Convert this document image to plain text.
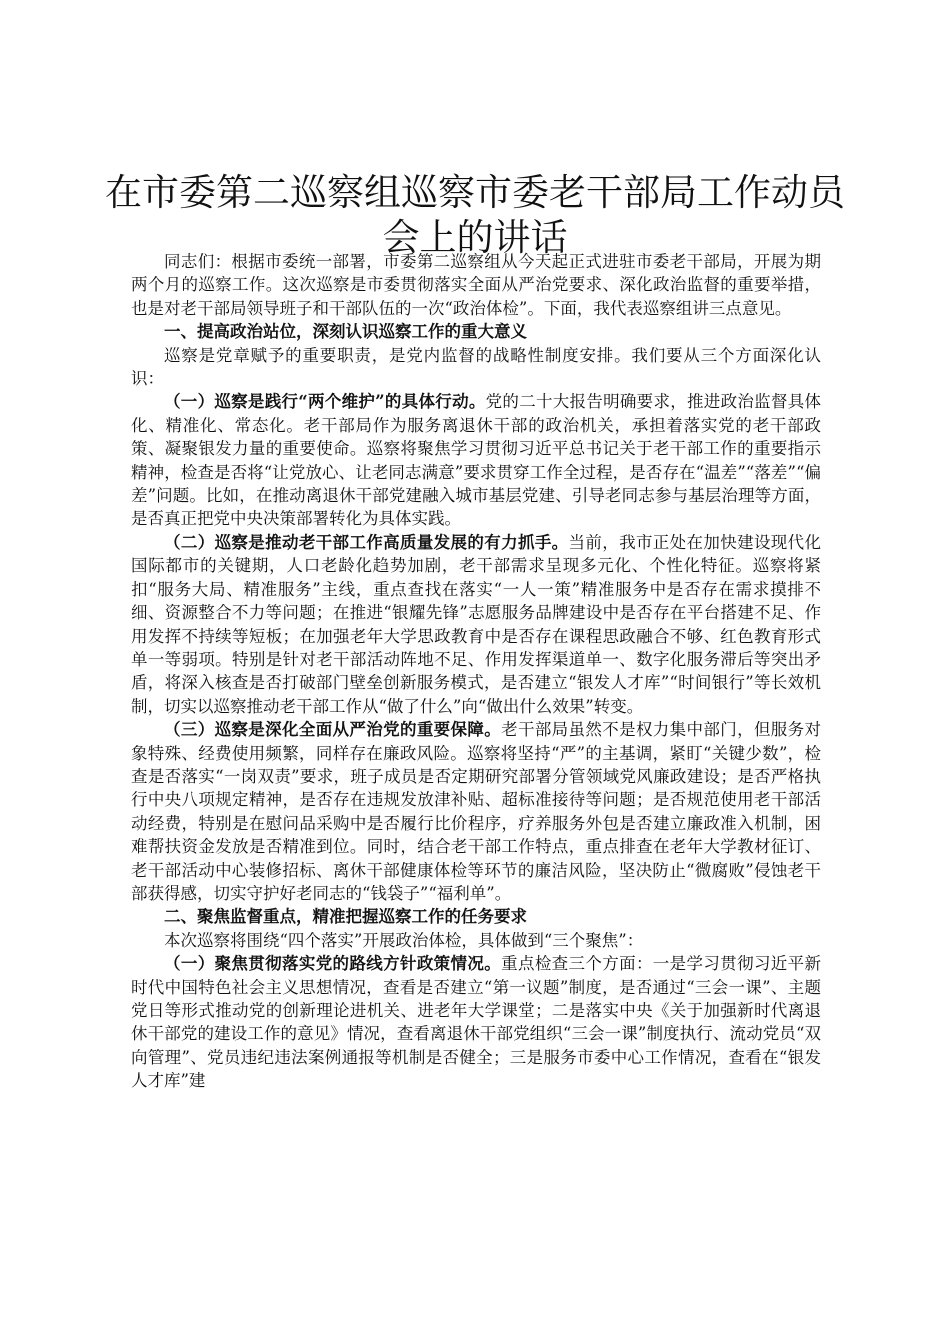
在市委第二巡察组巡察市委老干部局工作动员会上的讲话

同志们：根据市委统一部署，市委第二巡察组从今天起正式进驻市委老干部局，开展为期两个月的巡察工作。这次巡察是市委贯彻落实全面从严治党要求、深化政治监督的重要举措，也是对老干部局领导班子和干部队伍的一次“政治体检”。下面，我代表巡察组讲三点意见。

一、提高政治站位，深刻认识巡察工作的重大意义

巡察是党章赋予的重要职责，是党内监督的战略性制度安排。我们要从三个方面深化认识：

（一）巡察是践行“两个维护”的具体行动。党的二十大报告明确要求，推进政治监督具体化、精准化、常态化。老干部局作为服务离退休干部的政治机关，承担着落实党的老干部政策、凝聚银发力量的重要使命。巡察将聚焦学习贯彻习近平总书记关于老干部工作的重要指示精神，检查是否将“让党放心、让老同志满意”要求贯穿工作全过程，是否存在“温差”“落差”“偏差”问题。比如，在推动离退休干部党建融入城市基层党建、引导老同志参与基层治理等方面，是否真正把党中央决策部署转化为具体实践。

（二）巡察是推动老干部工作高质量发展的有力抓手。当前，我市正处在加快建设现代化国际都市的关键期，人口老龄化趋势加剧，老干部需求呈现多元化、个性化特征。巡察将紧扣“服务大局、精准服务”主线，重点查找在落实“一人一策”精准服务中是否存在需求摸排不细、资源整合不力等问题；在推进“银耀先锋”志愿服务品牌建设中是否存在平台搭建不足、作用发挥不持续等短板；在加强老年大学思政教育中是否存在课程思政融合不够、红色教育形式单一等弱项。特别是针对老干部活动阵地不足、作用发挥渠道单一、数字化服务滞后等突出矛盾，将深入核查是否打破部门壁垒创新服务模式，是否建立“银发人才库”“时间银行”等长效机制，切实以巡察推动老干部工作从“做了什么”向“做出什么效果”转变。

（三）巡察是深化全面从严治党的重要保障。老干部局虽然不是权力集中部门，但服务对象特殊、经费使用频繁，同样存在廉政风险。巡察将坚持“严”的主基调，紧盯“关键少数”，检查是否落实“一岗双责”要求，班子成员是否定期研究部署分管领域党风廉政建设；是否严格执行中央八项规定精神，是否存在违规发放津补贴、超标准接待等问题；是否规范使用老干部活动经费，特别是在慰问品采购中是否履行比价程序，疗养服务外包是否建立廉政准入机制，困难帮扶资金发放是否精准到位。同时，结合老干部工作特点，重点排查在老年大学教材征订、老干部活动中心装修招标、离休干部健康体检等环节的廉洁风险，坚决防止“微腐败”侵蚀老干部获得感，切实守护好老同志的“钱袋子”“福利单”。

二、聚焦监督重点，精准把握巡察工作的任务要求

本次巡察将围绕“四个落实”开展政治体检，具体做到“三个聚焦”：

（一）聚焦贯彻落实党的路线方针政策情况。重点检查三个方面：一是学习贯彻习近平新时代中国特色社会主义思想情况，查看是否建立“第一议题”制度，是否通过“三会一课”、主题党日等形式推动党的创新理论进机关、进老年大学课堂；二是落实中央《关于加强新时代离退休干部党的建设工作的意见》情况，查看离退休干部党组织“三会一课”制度执行、流动党员“双向管理”、党员违纪违法案例通报等机制是否健全；三是服务市委中心工作情况，查看在“银发人才库”建
